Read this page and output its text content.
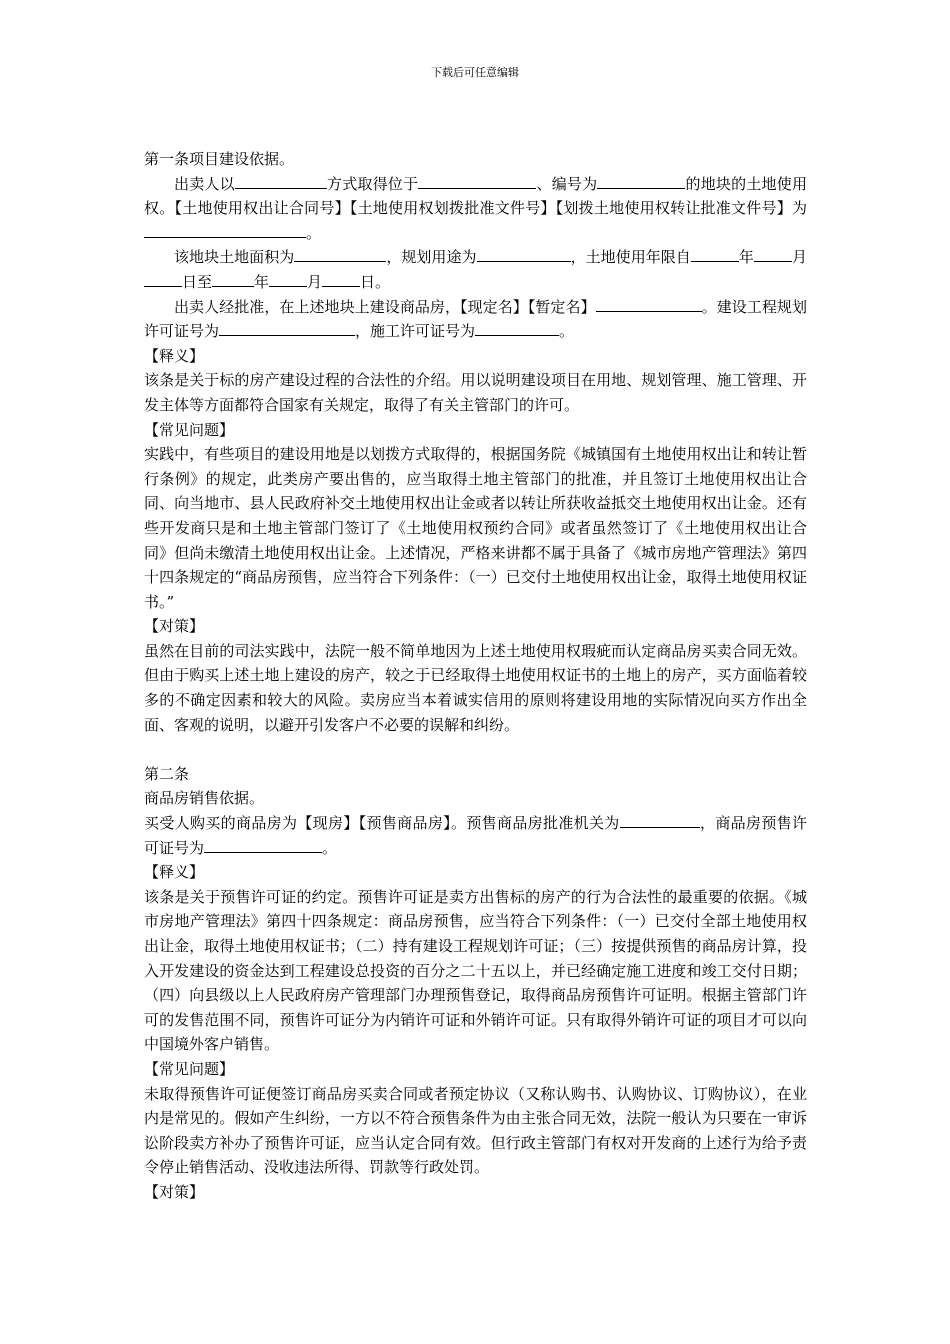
下载后可任意编辑

第一条项目建设依据。

出卖人以	方式取得位于	、编号为	的地块的土地使用权。【土地使用权出让合同号】【土地使用权划拨批准文件号】【划拨土地使用权转让批准文件号】为。

该地块土地面积为	，规划用途为	，土地使用年限自	年	月日至	年	月	日。

出卖人经批准，在上述地块上建设商品房，【现定名】【暂定名】	。建设工程规划许可证号为	，施工许可证号为	。

【释义】

该条是关于标的房产建设过程的合法性的介绍。用以说明建设项目在用地、规划管理、施工管理、开发主体等方面都符合国家有关规定，取得了有关主管部门的许可。

【常见问题】

实践中，有些项目的建设用地是以划拨方式取得的，根据国务院《城镇国有土地使用权出让和转让暂行条例》的规定，此类房产要出售的，应当取得土地主管部门的批准，并且签订土地使用权出让合同、向当地市、县人民政府补交土地使用权出让金或者以转让所获收益抵交土地使用权出让金。还有些开发商只是和土地主管部门签订了《土地使用权预约合同》或者虽然签订了《土地使用权出让合同》但尚未缴清土地使用权出让金。上述情况，严格来讲都不属于具备了《城市房地产管理法》第四十四条规定的“商品房预售，应当符合下列条件：（一）已交付土地使用权出让金，取得土地使用权证书。”

【对策】

虽然在目前的司法实践中，法院一般不简单地因为上述土地使用权瑕疵而认定商品房买卖合同无效。但由于购买上述土地上建设的房产，较之于已经取得土地使用权证书的土地上的房产，买方面临着较多的不确定因素和较大的风险。卖房应当本着诚实信用的原则将建设用地的实际情况向买方作出全面、客观的说明，以避开引发客户不必要的误解和纠纷。

第二条

商品房销售依据。

买受人购买的商品房为【现房】【预售商品房】。预售商品房批准机关为	，商品房预售许可证号为	。

【释义】

该条是关于预售许可证的约定。预售许可证是卖方出售标的房产的行为合法性的最重要的依据。《城市房地产管理法》第四十四条规定：商品房预售，应当符合下列条件：（一）已交付全部土地使用权出让金，取得土地使用权证书；（二）持有建设工程规划许可证；（三）按提供预售的商品房计算，投入开发建设的资金达到工程建设总投资的百分之二十五以上，并已经确定施工进度和竣工交付日期；（四）向县级以上人民政府房产管理部门办理预售登记，取得商品房预售许可证明。根据主管部门许可的发售范围不同，预售许可证分为内销许可证和外销许可证。只有取得外销许可证的项目才可以向中国境外客户销售。

【常见问题】

未取得预售许可证便签订商品房买卖合同或者预定协议（又称认购书、认购协议、订购协议），在业内是常见的。假如产生纠纷，一方以不符合预售条件为由主张合同无效，法院一般认为只要在一审诉讼阶段卖方补办了预售许可证，应当认定合同有效。但行政主管部门有权对开发商的上述行为给予责令停止销售活动、没收违法所得、罚款等行政处罚。

【对策】
